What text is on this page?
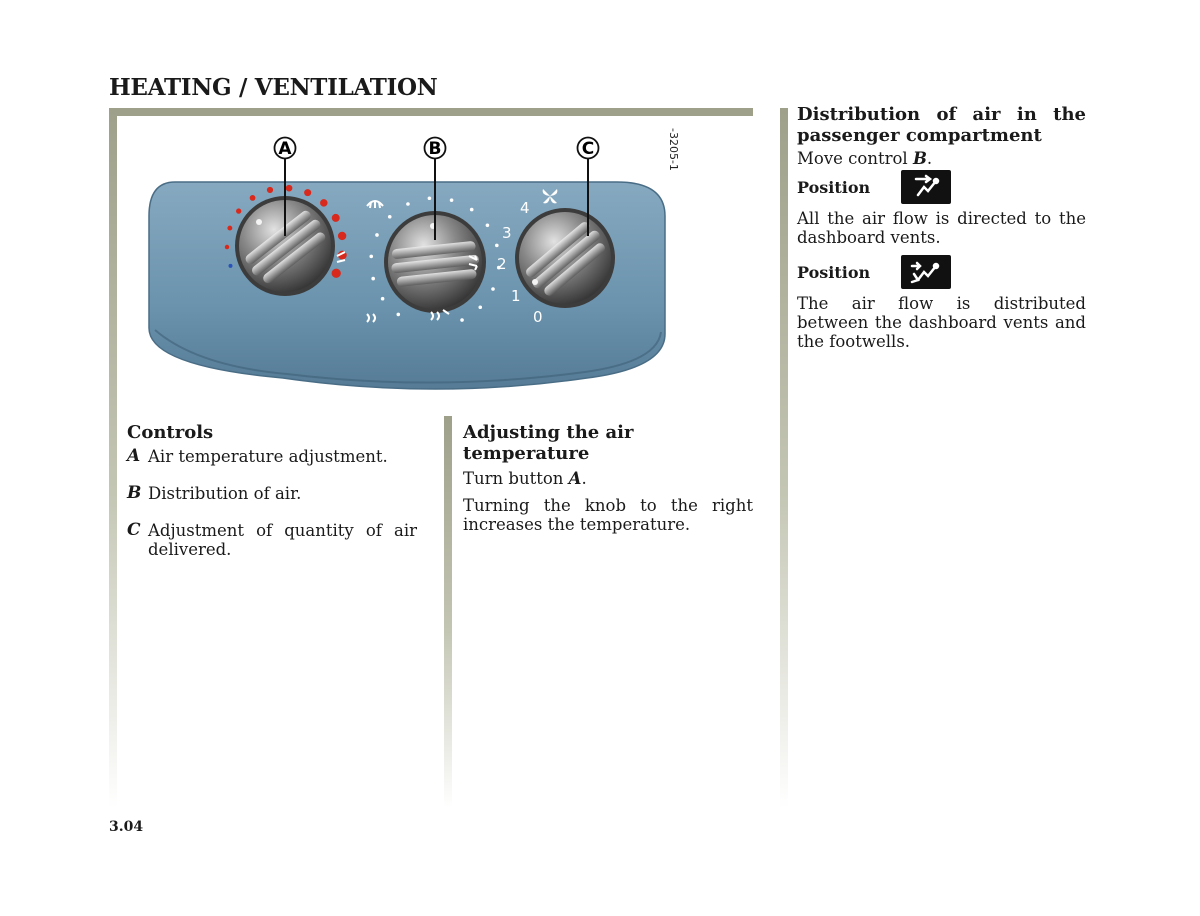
HEATING / VENTILATION
0
1
2
3
4
A	B	C	-3205-1
Controls
A Air temperature adjustment.
B Distribution of air.
C Adjustment of quantity of air delivered.
Adjusting the air temperature

Turn button A.

Turning the knob to the right increases the temperature.

Distribution of air in the passenger compartment

Move control B.

Position

All the air flow is directed to the dashboard vents.

Position

The air flow is distributed between the dashboard vents and the footwells.

3.04
